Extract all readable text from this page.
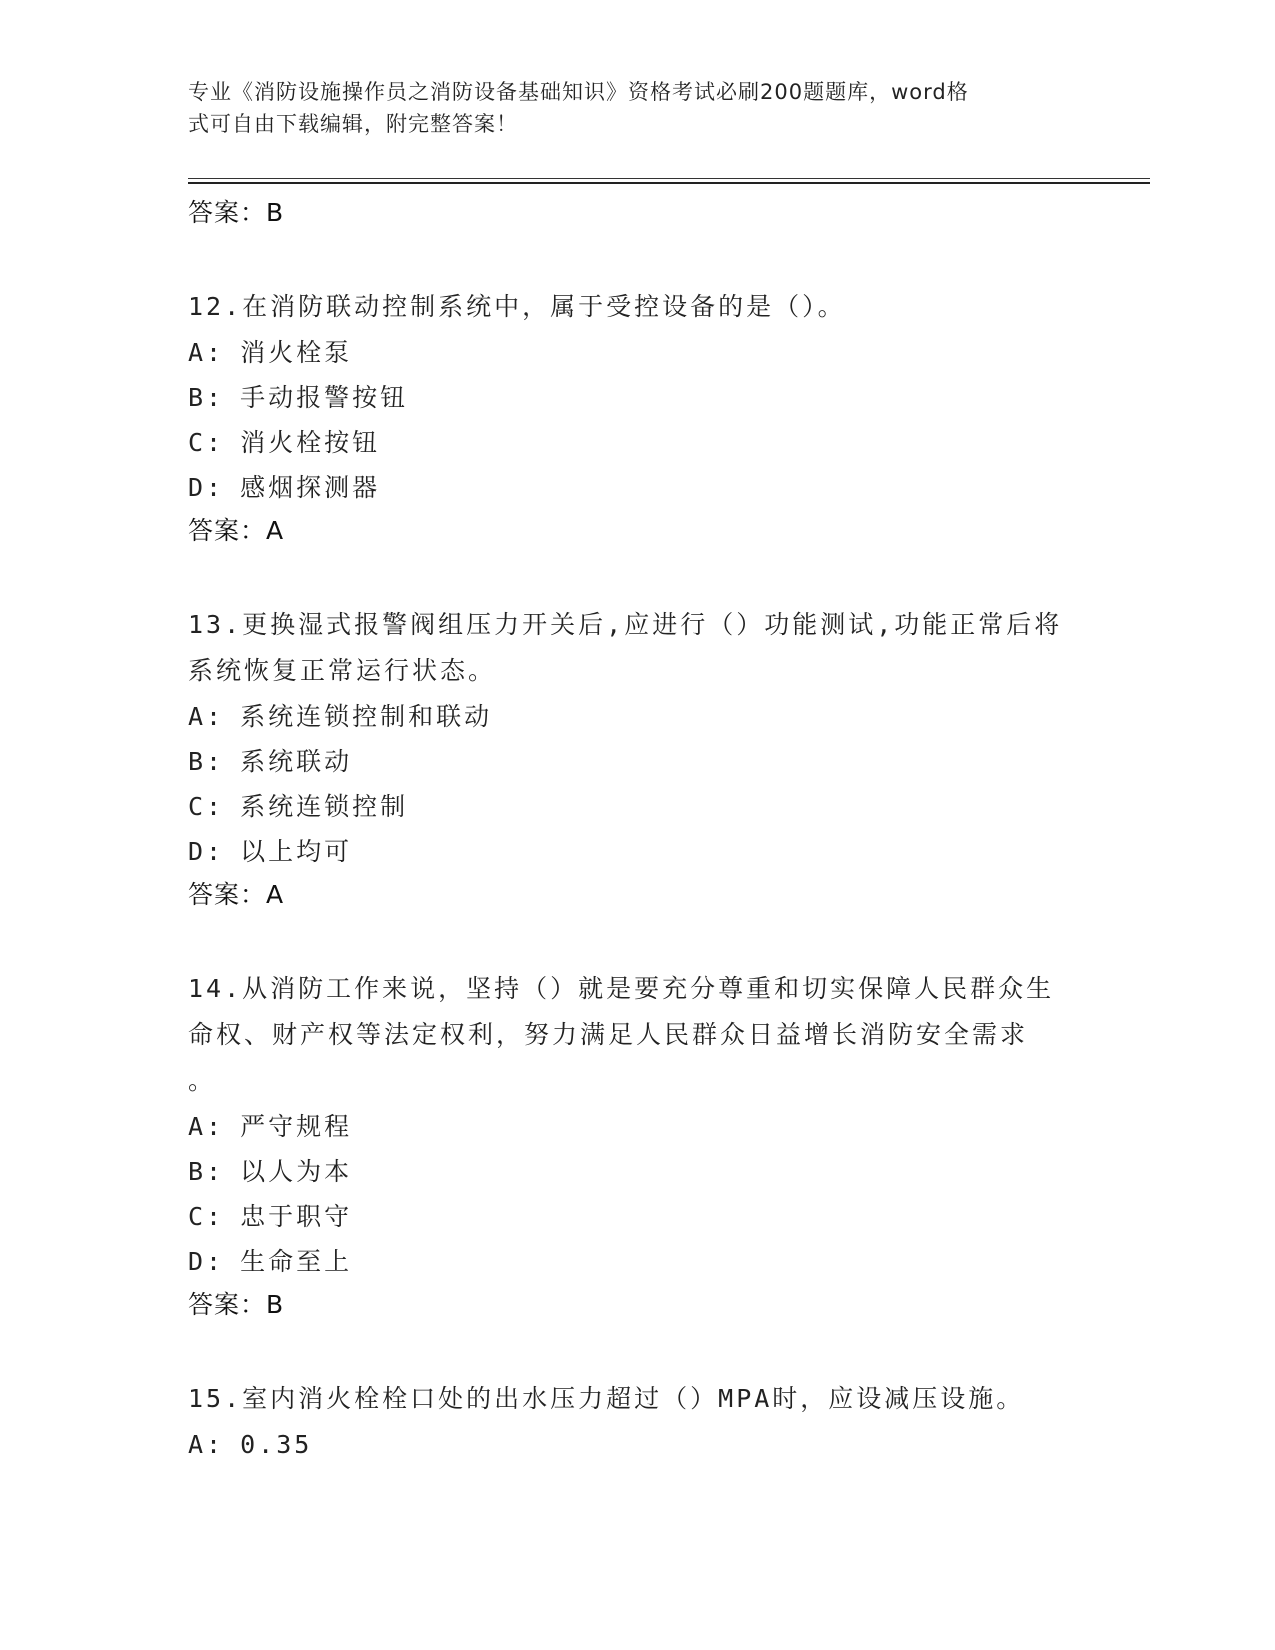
专业《消防设施操作员之消防设备基础知识》资格考试必刷200题题库，word格
式可自由下载编辑，附完整答案！
答案：B
12.在消防联动控制系统中，属于受控设备的是（）。
A: 消火栓泵
B: 手动报警按钮
C: 消火栓按钮
D: 感烟探测器
答案：A
13.更换湿式报警阀组压力开关后,应进行（）功能测试,功能正常后将
系统恢复正常运行状态。
A: 系统连锁控制和联动
B: 系统联动
C: 系统连锁控制
D: 以上均可
答案：A
14.从消防工作来说，坚持（）就是要充分尊重和切实保障人民群众生
命权、财产权等法定权利，努力满足人民群众日益增长消防安全需求
。
A: 严守规程
B: 以人为本
C: 忠于职守
D: 生命至上
答案：B
15.室内消火栓栓口处的出水压力超过（）MPA时，应设减压设施。
A: 0.35
